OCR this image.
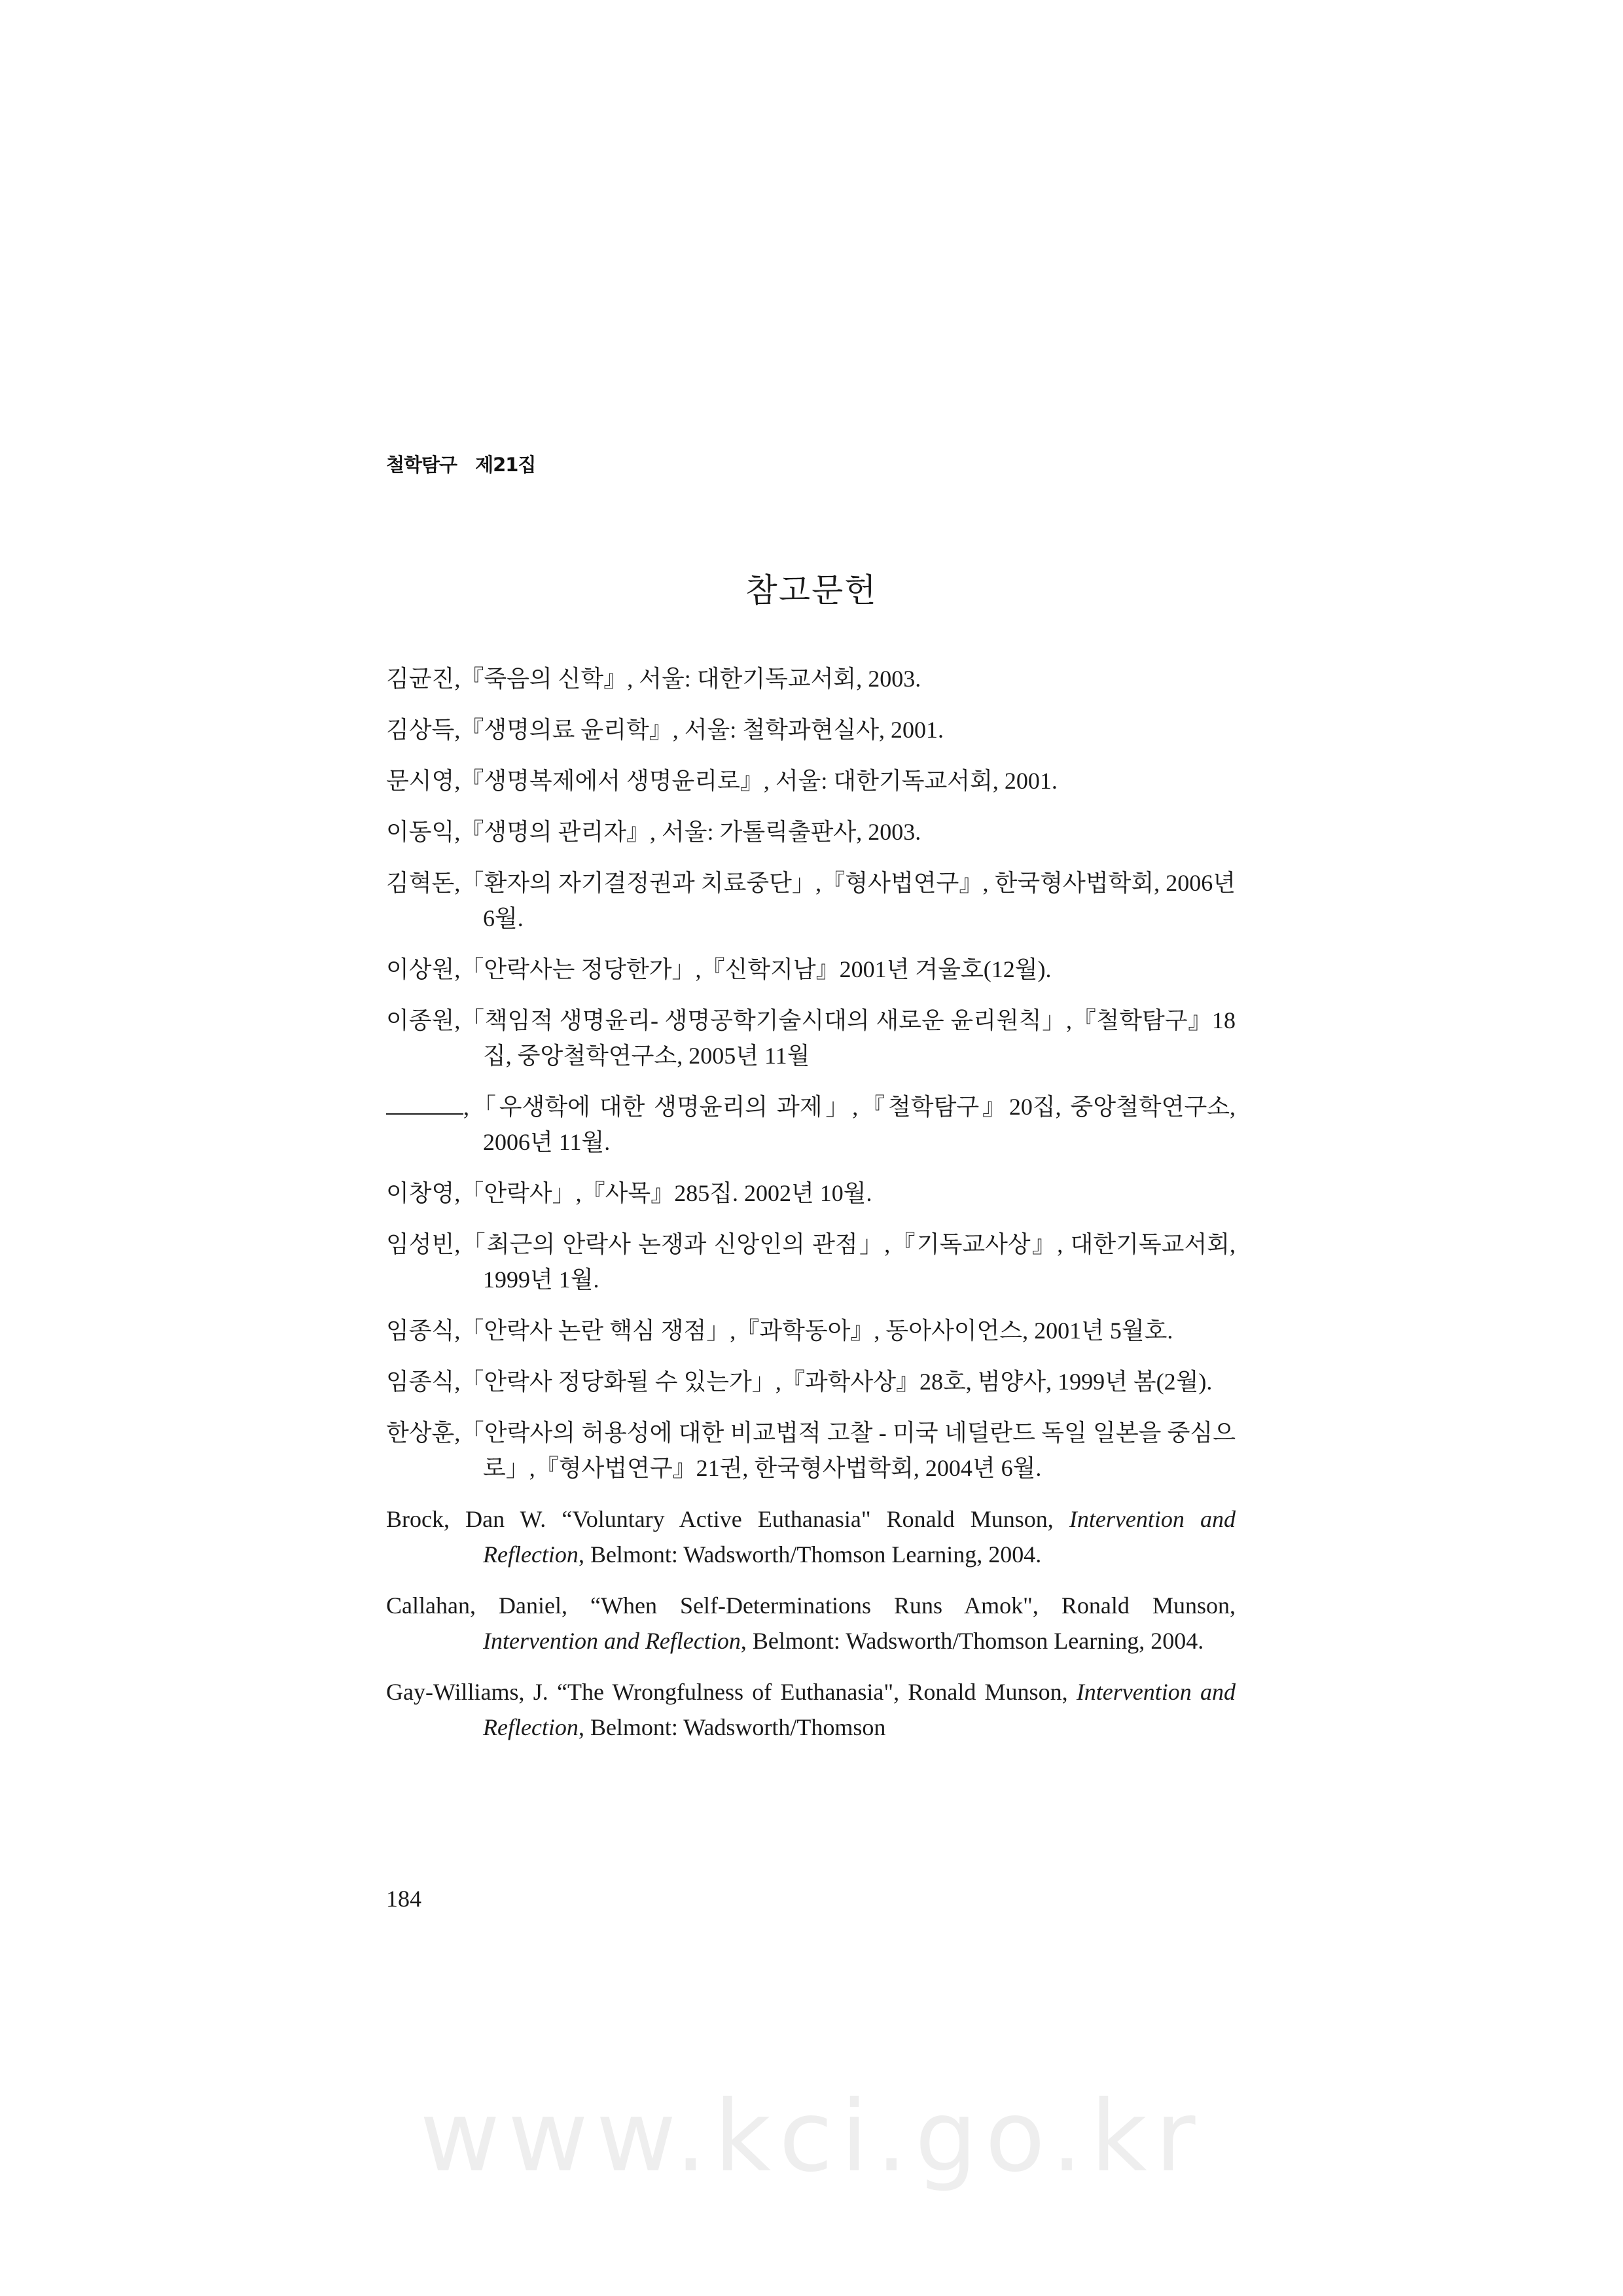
철학탐구 제21집
참고문헌
김균진,『죽음의 신학』, 서울: 대한기독교서회, 2003.
김상득,『생명의료 윤리학』, 서울: 철학과현실사, 2001.
문시영,『생명복제에서 생명윤리로』, 서울: 대한기독교서회, 2001.
이동익,『생명의 관리자』, 서울: 가톨릭출판사, 2003.
김혁돈,「환자의 자기결정권과 치료중단」,『형사법연구』, 한국형사법학회, 2006년 6월.
이상원,「안락사는 정당한가」,『신학지남』2001년 겨울호(12월).
이종원,「책임적 생명윤리- 생명공학기술시대의 새로운 윤리원칙」,『철학탐구』18집, 중앙철학연구소, 2005년 11월
,「우생학에 대한 생명윤리의 과제」,『철학탐구』20집, 중앙철학연구소, 2006년 11월.
이창영,「안락사」,『사목』285집. 2002년 10월.
임성빈,「최근의 안락사 논쟁과 신앙인의 관점」,『기독교사상』, 대한기독교서회, 1999년 1월.
임종식,「안락사 논란 핵심 쟁점」,『과학동아』, 동아사이언스, 2001년 5월호.
임종식,「안락사 정당화될 수 있는가」,『과학사상』28호, 범양사, 1999년 봄(2월).
한상훈,「안락사의 허용성에 대한 비교법적 고찰 - 미국 네덜란드 독일 일본을 중심으로」,『형사법연구』21권, 한국형사법학회, 2004년 6월.
Brock, Dan W. “Voluntary Active Euthanasia" Ronald Munson, Intervention and Reflection, Belmont: Wadsworth/Thomson Learning, 2004.
Callahan, Daniel, “When Self-Determinations Runs Amok", Ronald Munson, Intervention and Reflection, Belmont: Wadsworth/Thomson Learning, 2004.
Gay-Williams, J. “The Wrongfulness of Euthanasia", Ronald Munson, Intervention and Reflection, Belmont: Wadsworth/Thomson
184
www.kci.go.kr
